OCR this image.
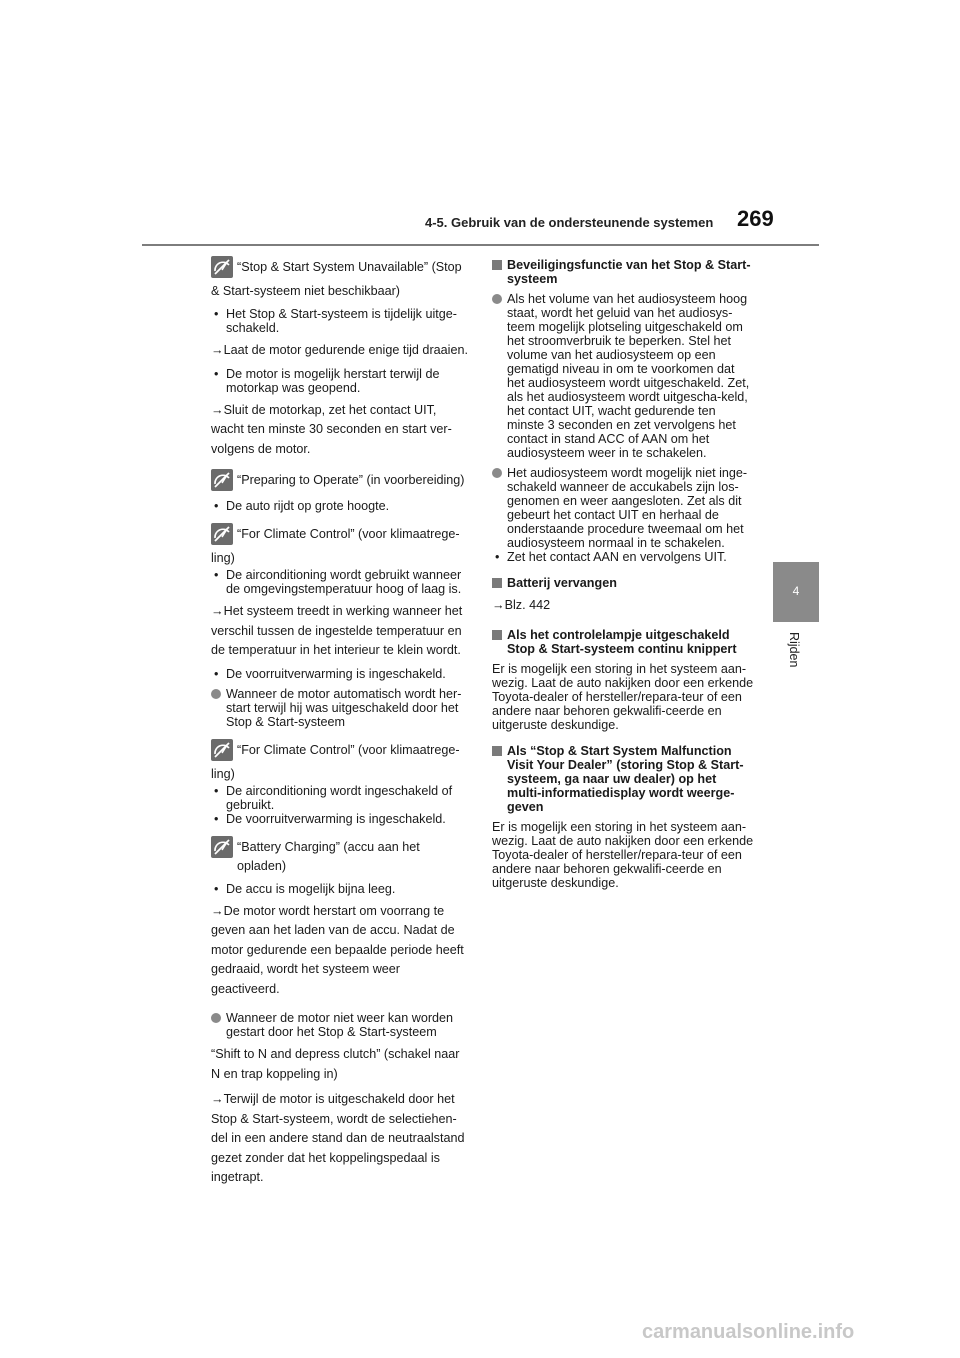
4-5. Gebruik van de ondersteunende systemen 269
4
Rijden
“Stop & Start System Unavailable” (Stop

& Start-systeem niet beschikbaar)

• Het Stop & Start-systeem is tijdelijk uitge-schakeld.

→Laat de motor gedurende enige tijd draaien.

• De motor is mogelijk herstart terwijl de motorkap was geopend.

→Sluit de motorkap, zet het contact UIT, wacht ten minste 30 seconden en start ver-volgens de motor.

“Preparing to Operate” (in voorbereiding)

• De auto rijdt op grote hoogte.

“For Climate Control” (voor klimaatrege-

ling)

• De airconditioning wordt gebruikt wanneer de omgevingstemperatuur hoog of laag is.

→Het systeem treedt in werking wanneer het verschil tussen de ingestelde temperatuur en de temperatuur in het interieur te klein wordt.

• De voorruitverwarming is ingeschakeld.

Wanneer de motor automatisch wordt her-start terwijl hij was uitgeschakeld door het Stop & Start-systeem

“For Climate Control” (voor klimaatrege-

ling)

• De airconditioning wordt ingeschakeld of gebruikt.

• De voorruitverwarming is ingeschakeld.

“Battery Charging” (accu aan het opladen)

• De accu is mogelijk bijna leeg.

→De motor wordt herstart om voorrang te geven aan het laden van de accu. Nadat de motor gedurende een bepaalde periode heeft gedraaid, wordt het systeem weer geactiveerd.

Wanneer de motor niet weer kan worden gestart door het Stop & Start-systeem

“Shift to N and depress clutch” (schakel naar N en trap koppeling in)

→Terwijl de motor is uitgeschakeld door het Stop & Start-systeem, wordt de selectiehen-del in een andere stand dan de neutraalstand gezet zonder dat het koppelingspedaal is ingetrapt.

Beveiligingsfunctie van het Stop & Start-systeem

Als het volume van het audiosysteem hoog staat, wordt het geluid van het audiosys-teem mogelijk plotseling uitgeschakeld om het stroomverbruik te beperken. Stel het volume van het audiosysteem op een gematigd niveau in om te voorkomen dat het audiosysteem wordt uitgeschakeld. Zet, als het audiosysteem wordt uitgescha-keld, het contact UIT, wacht gedurende ten minste 3 seconden en zet vervolgens het contact in stand ACC of AAN om het audiosysteem weer in te schakelen.

Het audiosysteem wordt mogelijk niet inge-schakeld wanneer de accukabels zijn los-genomen en weer aangesloten. Zet als dit gebeurt het contact UIT en herhaal de onderstaande procedure tweemaal om het audiosysteem normaal in te schakelen.

• Zet het contact AAN en vervolgens UIT.

Batterij vervangen

→Blz. 442

Als het controlelampje uitgeschakeld Stop & Start-systeem continu knippert

Er is mogelijk een storing in het systeem aan-wezig. Laat de auto nakijken door een erkende Toyota-dealer of hersteller/repara-teur of een andere naar behoren gekwalifi-ceerde en uitgeruste deskundige.

Als “Stop & Start System Malfunction Visit Your Dealer” (storing Stop & Start-systeem, ga naar uw dealer) op het multi-informatiedisplay wordt weerge-geven

Er is mogelijk een storing in het systeem aan-wezig. Laat de auto nakijken door een erkende Toyota-dealer of hersteller/repara-teur of een andere naar behoren gekwalifi-ceerde en uitgeruste deskundige.

carmanualsonline.info
